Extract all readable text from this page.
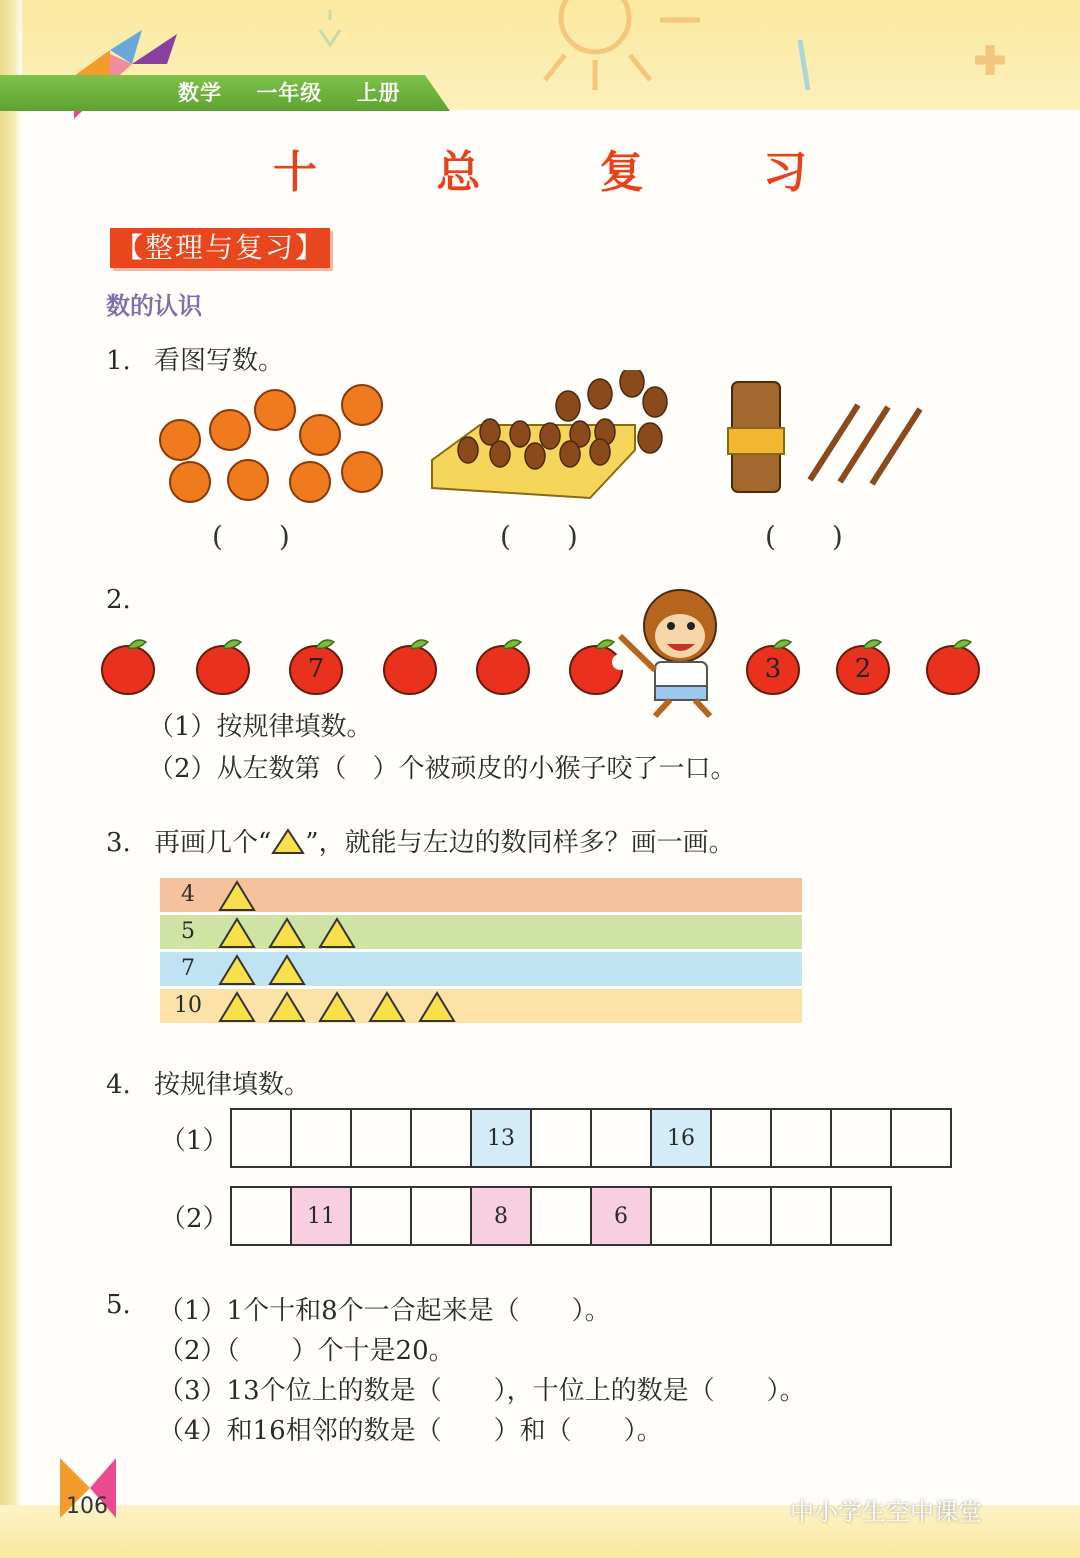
数学 一年级 上册
十 总 复 习
【整理与复习】
数的认识
1. 看图写数。
(　　)	(　　)	(　　)
2.
7	3	2
（1）按规律填数。
（2）从左数第（　）个被顽皮的小猴子咬了一口。
3. 再画几个“ ”，就能与左边的数同样多？画一画。
4
5
7
10
4. 按规律填数。
（1）	13	16
（2）	11	8	6
5.	（1）1个十和8个一合起来是（　　）。
（2）（　　）个十是20。
（3）13个位上的数是（　　），十位上的数是（　　）。
（4）和16相邻的数是（　　）和（　　）。
106	中小学生空中课堂
